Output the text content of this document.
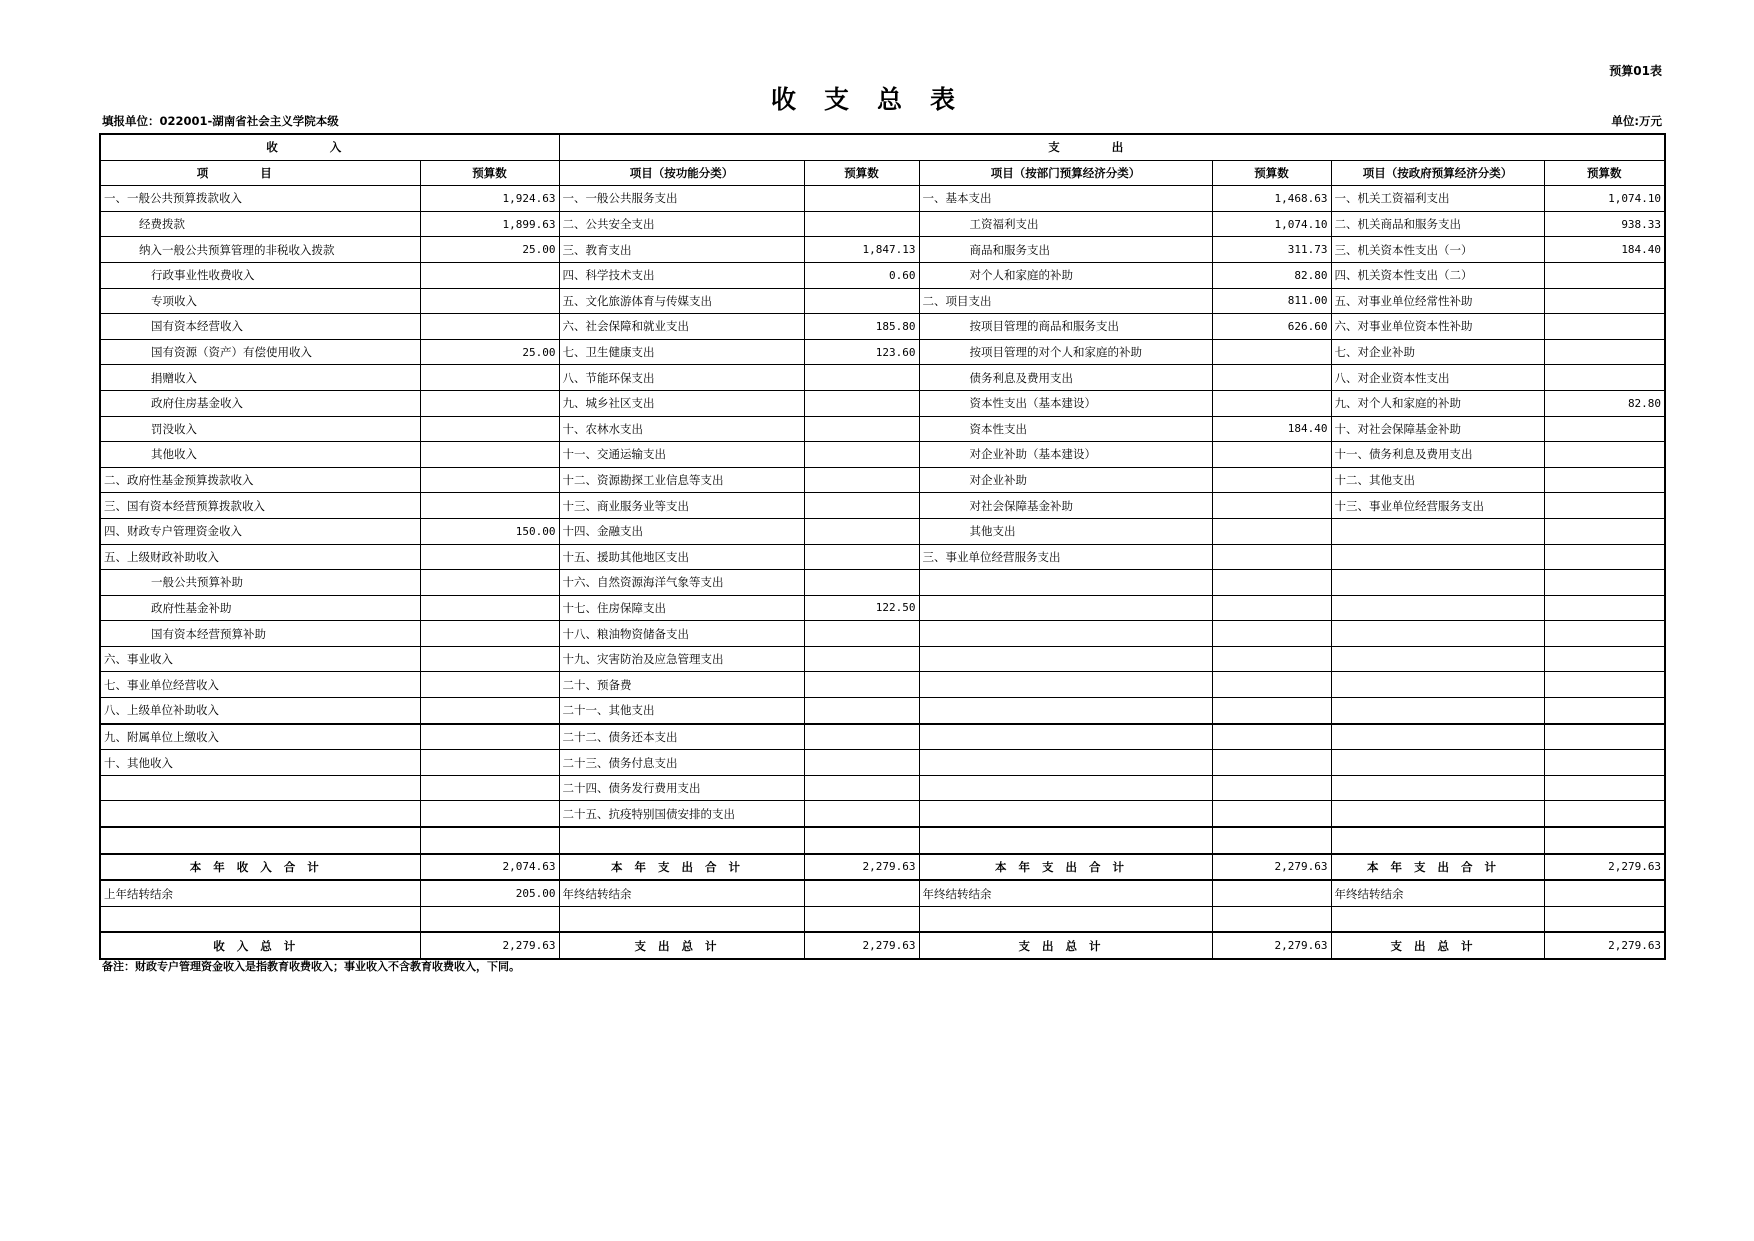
预算01表
收支总表
填报单位：022001-湖南省社会主义学院本级	单位:万元
收入		支出					
项目	预算数	项目（按功能分类）	预算数	项目（按部门预算经济分类）	预算数	项目（按政府预算经济分类）	预算数
一、一般公共预算拨款收入	1,924.63	一、一般公共服务支出		一、基本支出	1,468.63	一、机关工资福利支出	1,074.10
经费拨款	1,899.63	二、公共安全支出		工资福利支出	1,074.10	二、机关商品和服务支出	938.33
纳入一般公共预算管理的非税收入拨款	25.00	三、教育支出	1,847.13	商品和服务支出	311.73	三、机关资本性支出（一）	184.40
行政事业性收费收入		四、科学技术支出	0.60	对个人和家庭的补助	82.80	四、机关资本性支出（二）	
专项收入		五、文化旅游体育与传媒支出		二、项目支出	811.00	五、对事业单位经常性补助	
国有资本经营收入		六、社会保障和就业支出	185.80	按项目管理的商品和服务支出	626.60	六、对事业单位资本性补助	
国有资源（资产）有偿使用收入	25.00	七、卫生健康支出	123.60	按项目管理的对个人和家庭的补助		七、对企业补助	
捐赠收入		八、节能环保支出		债务利息及费用支出		八、对企业资本性支出	
政府住房基金收入		九、城乡社区支出		资本性支出（基本建设）		九、对个人和家庭的补助	82.80
罚没收入		十、农林水支出		资本性支出	184.40	十、对社会保障基金补助	
其他收入		十一、交通运输支出		对企业补助（基本建设）		十一、债务利息及费用支出	
二、政府性基金预算拨款收入		十二、资源勘探工业信息等支出		对企业补助		十二、其他支出	
三、国有资本经营预算拨款收入		十三、商业服务业等支出		对社会保障基金补助		十三、事业单位经营服务支出	
四、财政专户管理资金收入	150.00	十四、金融支出		其他支出			
五、上级财政补助收入		十五、援助其他地区支出		三、事业单位经营服务支出			
一般公共预算补助		十六、自然资源海洋气象等支出					
政府性基金补助		十七、住房保障支出	122.50				
国有资本经营预算补助		十八、粮油物资储备支出					
六、事业收入		十九、灾害防治及应急管理支出					
七、事业单位经营收入		二十、预备费					
八、上级单位补助收入		二十一、其他支出					
九、附属单位上缴收入		二十二、债务还本支出					
十、其他收入		二十三、债务付息支出					
		二十四、债务发行费用支出					
		二十五、抗疫特别国债安排的支出					

本年收入合计	2,074.63	本年支出合计	2,279.63	本年支出合计	2,279.63	本年支出合计	2,279.63
上年结转结余	205.00	年终结转结余		年终结转结余		年终结转结余	

收入总计	2,279.63	支出总计	2,279.63	支出总计	2,279.63	支出总计	2,279.63
备注：财政专户管理资金收入是指教育收费收入；事业收入不含教育收费收入，下同。
